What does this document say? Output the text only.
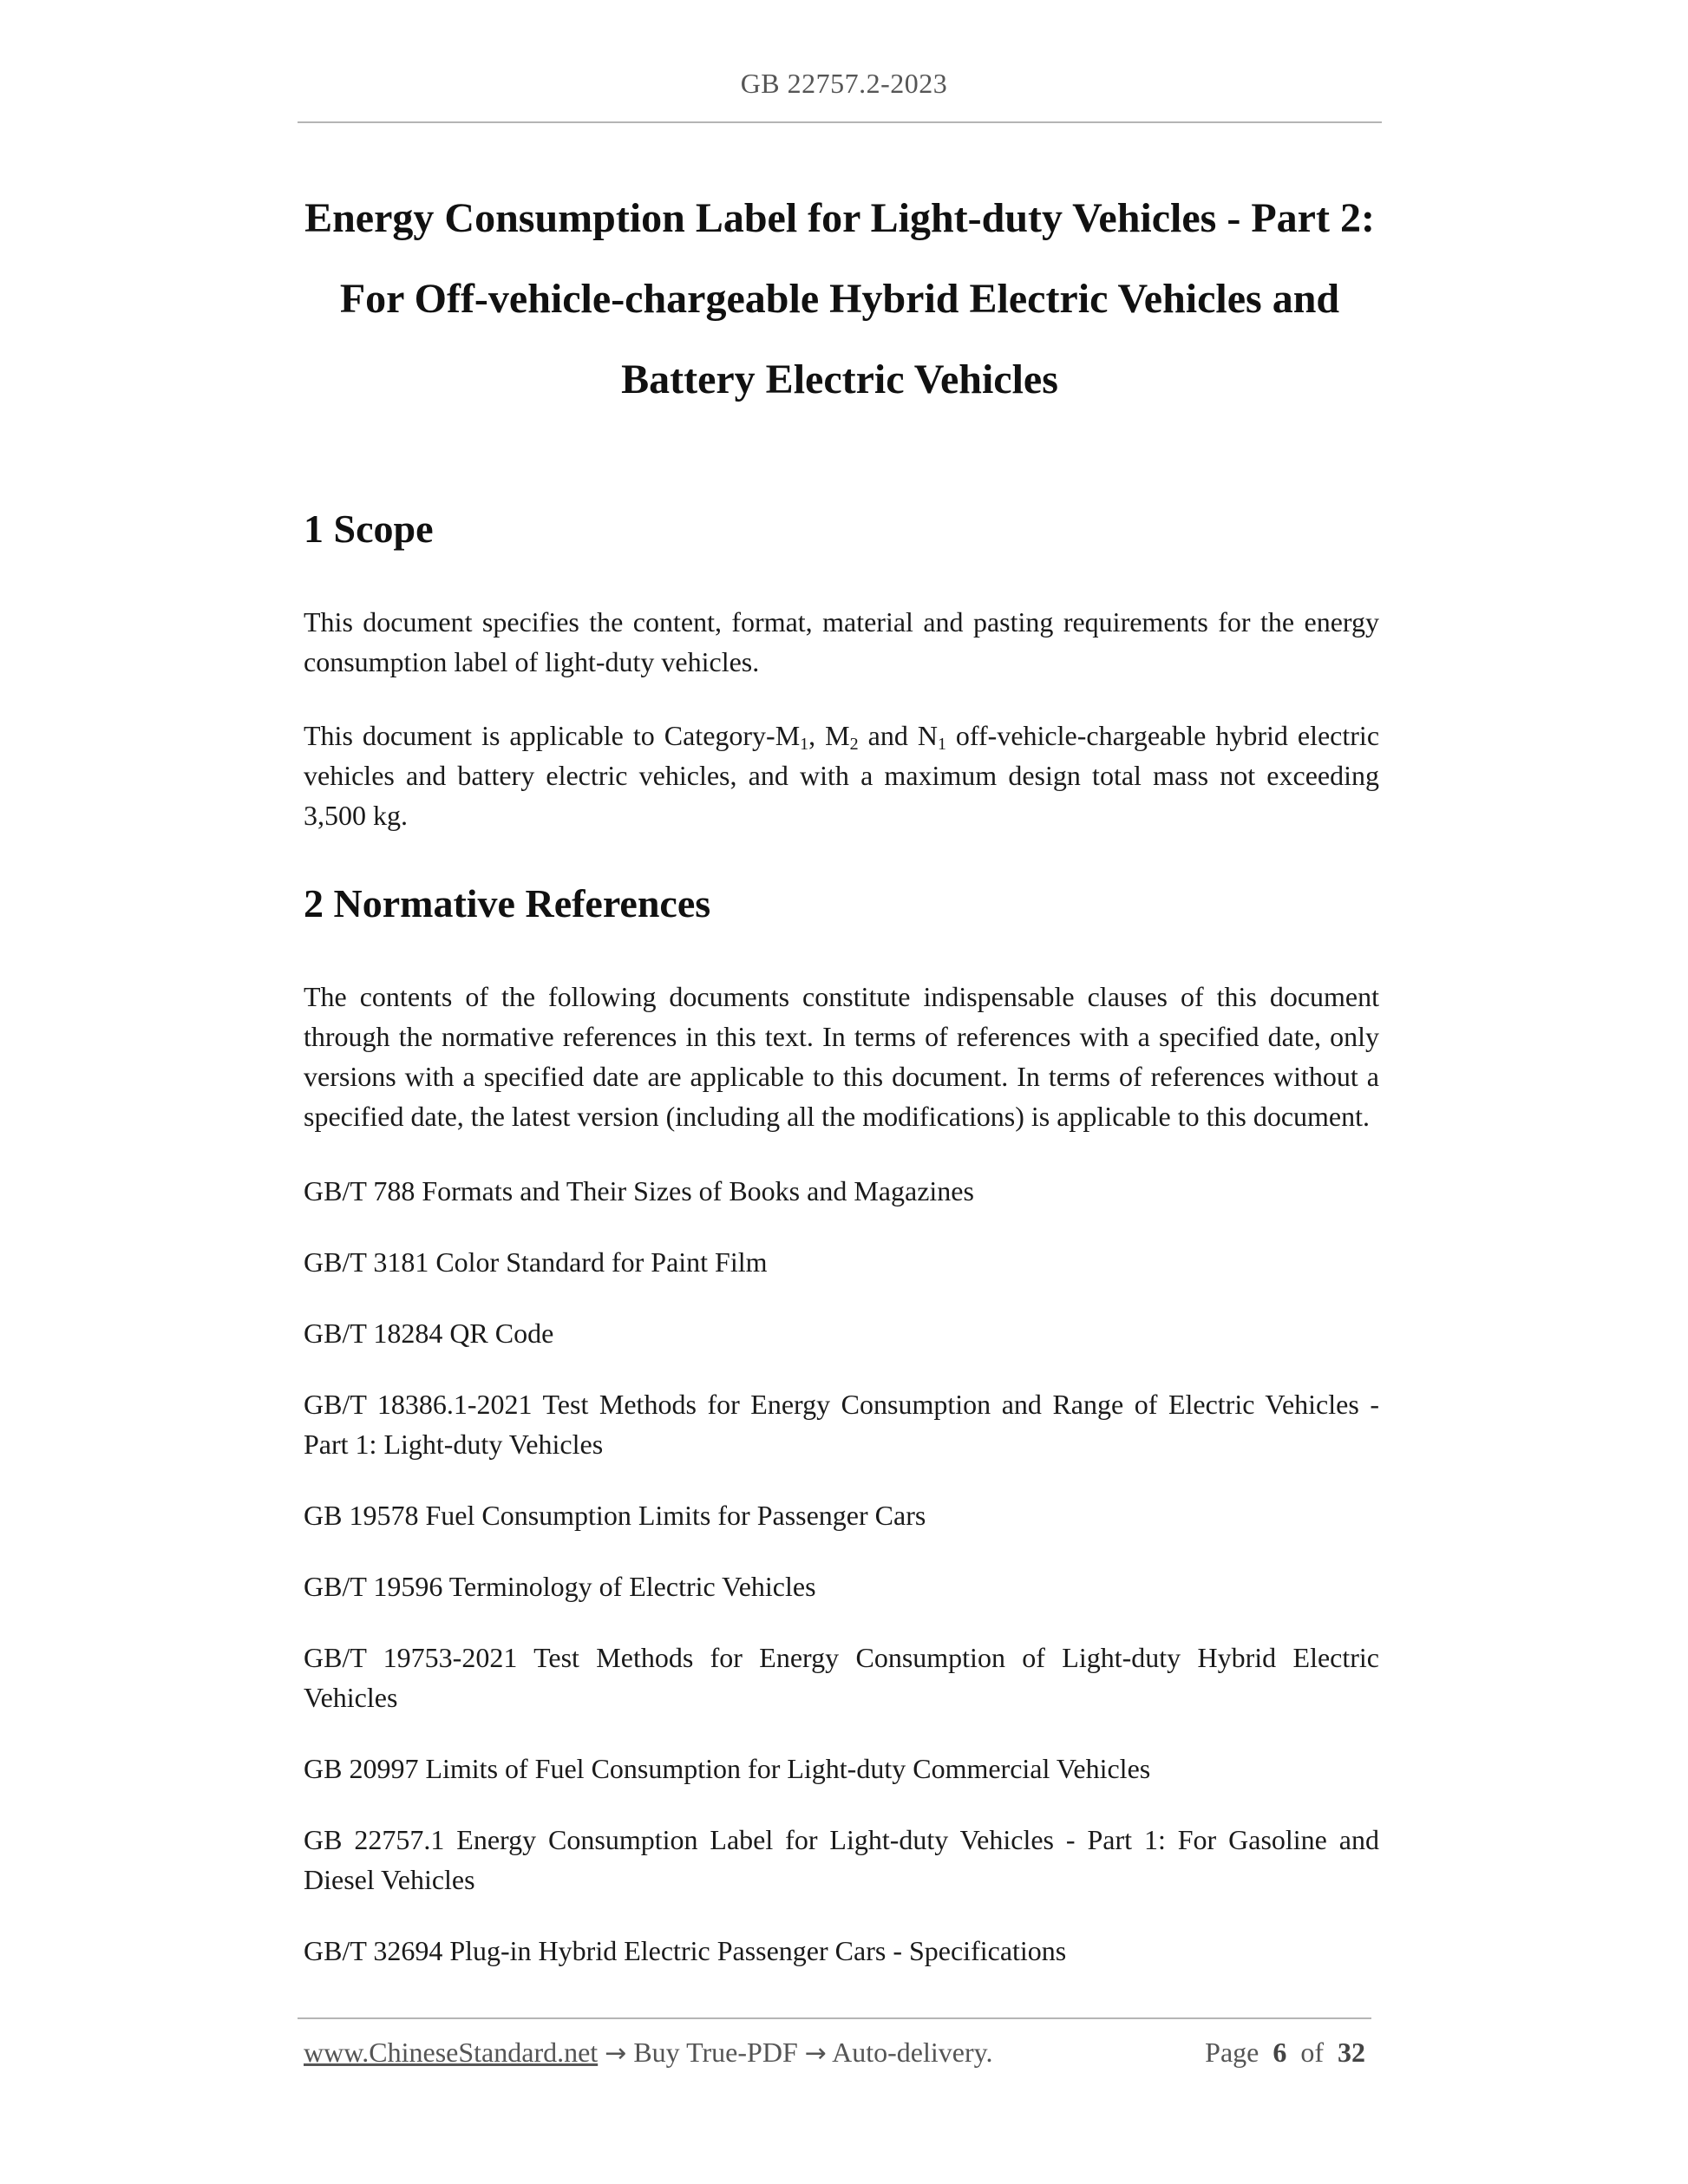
GB 22757.2-2023
Energy Consumption Label for Light-duty Vehicles - Part 2:
For Off-vehicle-chargeable Hybrid Electric Vehicles and
Battery Electric Vehicles
1 Scope
This document specifies the content, format, material and pasting requirements for the energy consumption label of light-duty vehicles.
This document is applicable to Category-$M_1$, $M_2$ and $N_1$ off-vehicle-chargeable hybrid electric vehicles and battery electric vehicles, and with a maximum design total mass not exceeding 3,500 kg.
2 Normative References
The contents of the following documents constitute indispensable clauses of this document through the normative references in this text. In terms of references with a specified date, only versions with a specified date are applicable to this document. In terms of references without a specified date, the latest version (including all the modifications) is applicable to this document.
GB/T 788 Formats and Their Sizes of Books and Magazines
GB/T 3181 Color Standard for Paint Film
GB/T 18284 QR Code
GB/T 18386.1-2021 Test Methods for Energy Consumption and Range of Electric Vehicles - Part 1: Light-duty Vehicles
GB 19578 Fuel Consumption Limits for Passenger Cars
GB/T 19596 Terminology of Electric Vehicles
GB/T 19753-2021 Test Methods for Energy Consumption of Light-duty Hybrid Electric Vehicles
GB 20997 Limits of Fuel Consumption for Light-duty Commercial Vehicles
GB 22757.1 Energy Consumption Label for Light-duty Vehicles - Part 1: For Gasoline and Diesel Vehicles
GB/T 32694 Plug-in Hybrid Electric Passenger Cars - Specifications
www.ChineseStandard.net → Buy True-PDF → Auto-delivery.	Page 6 of 32
